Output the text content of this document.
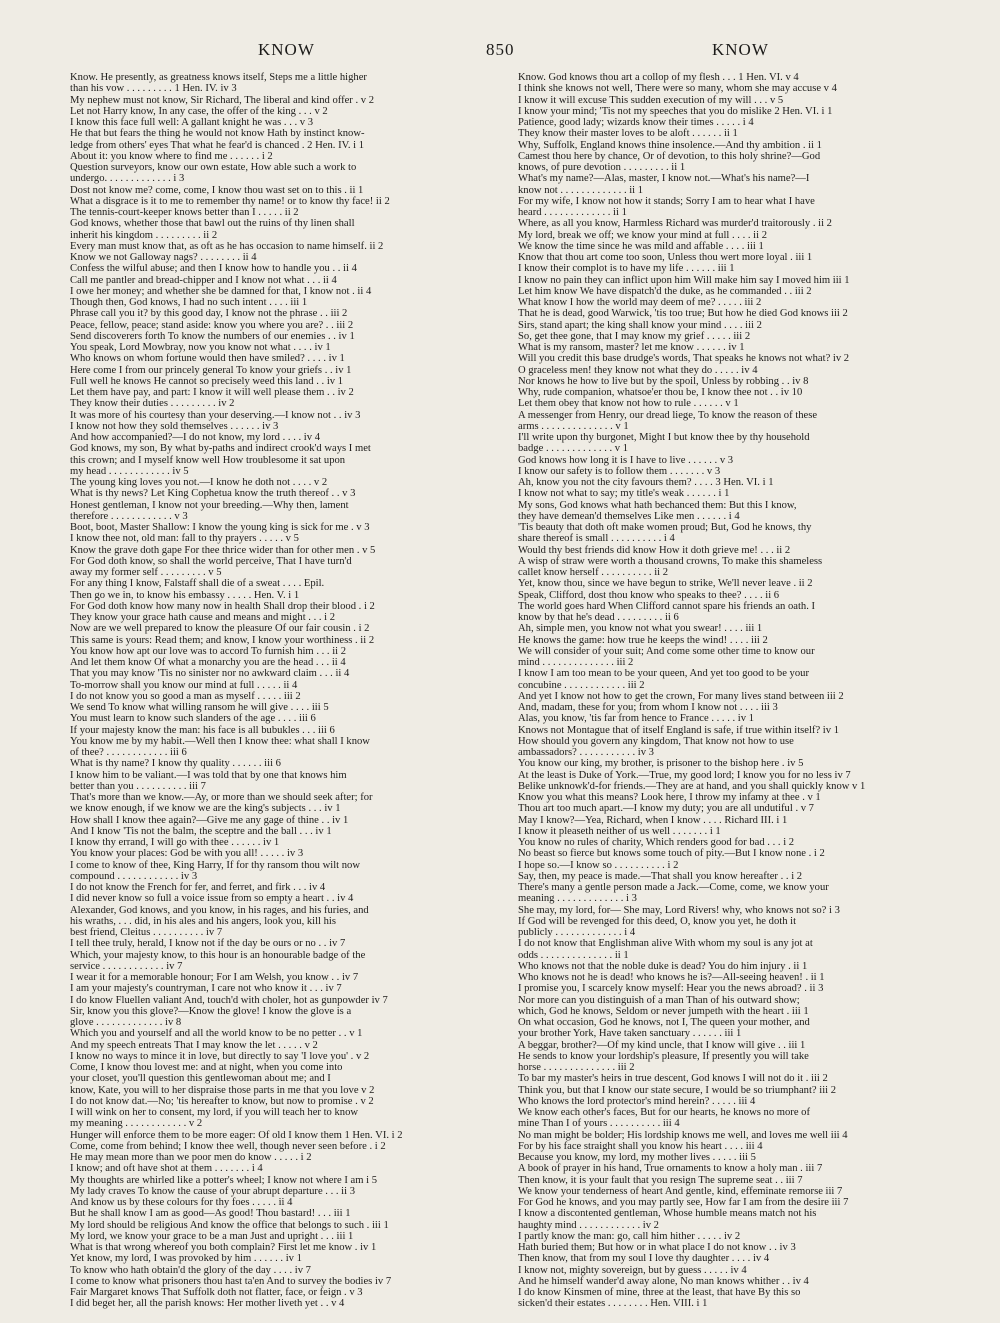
KNOW	850	KNOW
Know. He presently, as greatness knows itself, Steps me a little higher
than his vow . . . . . . . . . 1 Hen. IV. iv 3
My nephew must not know, Sir Richard, The liberal and kind offer . v 2
Let not Harry know, In any case, the offer of the king . . . v 2
I know this face full well: A gallant knight he was . . . v 3
He that but fears the thing he would not know Hath by instinct know-
ledge from others' eyes That what he fear'd is chanced . 2 Hen. IV. i 1
About it: you know where to find me . . . . . . i 2
Question surveyors, know our own estate, How able such a work to
undergo. . . . . . . . . . . . . i 3
Dost not know me? come, come, I know thou wast set on to this . ii 1
What a disgrace is it to me to remember thy name! or to know thy face! ii 2
The tennis-court-keeper knows better than I . . . . . ii 2
God knows, whether those that bawl out the ruins of thy linen shall
inherit his kingdom . . . . . . . . . ii 2
Every man must know that, as oft as he has occasion to name himself. ii 2
Know we not Galloway nags? . . . . . . . . ii 4
Confess the wilful abuse; and then I know how to handle you . . ii 4
Call me pantler and bread-chipper and I know not what . . . ii 4
I owe her money; and whether she be damned for that, I know not . ii 4
Though then, God knows, I had no such intent . . . . iii 1
Phrase call you it? by this good day, I know not the phrase . . iii 2
Peace, fellow, peace; stand aside: know you where you are? . . iii 2
Send discoverers forth To know the numbers of our enemies . . iv 1
You speak, Lord Mowbray, now you know not what . . . . iv 1
Who knows on whom fortune would then have smiled? . . . . iv 1
Here come I from our princely general To know your griefs . . iv 1
Full well he knows He cannot so precisely weed this land . . iv 1
Let them have pay, and part: I know it will well please them . . iv 2
They know their duties . . . . . . . . . iv 2
It was more of his courtesy than your deserving.—I know not . . iv 3
I know not how they sold themselves . . . . . . iv 3
And how accompanied?—I do not know, my lord . . . . iv 4
God knows, my son, By what by-paths and indirect crook'd ways I met
this crown; and I myself know well How troublesome it sat upon
my head . . . . . . . . . . . . iv 5
The young king loves you not.—I know he doth not . . . . v 2
What is thy news? Let King Cophetua know the truth thereof . . v 3
Honest gentleman, I know not your breeding.—Why then, lament
therefore . . . . . . . . . . . . v 3
Boot, boot, Master Shallow: I know the young king is sick for me . v 3
I know thee not, old man: fall to thy prayers . . . . . v 5
Know the grave doth gape For thee thrice wider than for other men . v 5
For God doth know, so shall the world perceive, That I have turn'd
away my former self . . . . . . . . . v 5
For any thing I know, Falstaff shall die of a sweat . . . . Epil.
Then go we in, to know his embassy . . . . . Hen. V. i 1
For God doth know how many now in health Shall drop their blood . i 2
They know your grace hath cause and means and might . . . i 2
Now are we well prepared to know the pleasure Of our fair cousin . i 2
This same is yours: Read them; and know, I know your worthiness . ii 2
You know how apt our love was to accord To furnish him . . . ii 2
And let them know Of what a monarchy you are the head . . . ii 4
That you may know 'Tis no sinister nor no awkward claim . . . ii 4
To-morrow shall you know our mind at full . . . . . ii 4
I do not know you so good a man as myself . . . . . iii 2
We send To know what willing ransom he will give . . . . iii 5
You must learn to know such slanders of the age . . . . iii 6
If your majesty know the man: his face is all bubukles . . . iii 6
You know me by my habit.—Well then I know thee: what shall I know
of thee? . . . . . . . . . . . . iii 6
What is thy name? I know thy quality . . . . . . iii 6
I know him to be valiant.—I was told that by one that knows him
better than you . . . . . . . . . . iii 7
That's more than we know.—Ay, or more than we should seek after; for
we know enough, if we know we are the king's subjects . . . iv 1
How shall I know thee again?—Give me any gage of thine . . iv 1
And I know 'Tis not the balm, the sceptre and the ball . . . iv 1
I know thy errand, I will go with thee . . . . . . iv 1
You know your places: God be with you all! . . . . . iv 3
I come to know of thee, King Harry, If for thy ransom thou wilt now
compound . . . . . . . . . . . . iv 3
I do not know the French for fer, and ferret, and firk . . . iv 4
I did never know so full a voice issue from so empty a heart . . iv 4
Alexander, God knows, and you know, in his rages, and his furies, and
his wraths, . . . did, in his ales and his angers, look you, kill his
best friend, Cleitus . . . . . . . . . . iv 7
I tell thee truly, herald, I know not if the day be ours or no . . iv 7
Which, your majesty know, to this hour is an honourable badge of the
service . . . . . . . . . . . . iv 7
I wear it for a memorable honour; For I am Welsh, you know . . iv 7
I am your majesty's countryman, I care not who know it . . . iv 7
I do know Fluellen valiant And, touch'd with choler, hot as gunpowder iv 7
Sir, know you this glove?—Know the glove! I know the glove is a
glove . . . . . . . . . . . . . iv 8
Which you and yourself and all the world know to be no petter . . v 1
And my speech entreats That I may know the let . . . . . v 2
I know no ways to mince it in love, but directly to say 'I love you' . v 2
Come, I know thou lovest me: and at night, when you come into
your closet, you'll question this gentlewoman about me; and I
know, Kate, you will to her dispraise those parts in me that you love v 2
I do not know dat.—No; 'tis hereafter to know, but now to promise . v 2
I will wink on her to consent, my lord, if you will teach her to know
my meaning . . . . . . . . . . . . v 2
Hunger will enforce them to be more eager: Of old I know them 1 Hen. VI. i 2
Come, come from behind; I know thee well, though never seen before . i 2
He may mean more than we poor men do know . . . . . i 2
I know; and oft have shot at them . . . . . . . i 4
My thoughts are whirled like a potter's wheel; I know not where I am i 5
My lady craves To know the cause of your abrupt departure . . . ii 3
And know us by these colours for thy foes . . . . . ii 4
But he shall know I am as good—As good! Thou bastard! . . . iii 1
My lord should be religious And know the office that belongs to such . iii 1
My lord, we know your grace to be a man Just and upright . . . iii 1
What is that wrong whereof you both complain? First let me know . iv 1
Yet know, my lord, I was provoked by him . . . . . . iv 1
To know who hath obtain'd the glory of the day . . . . iv 7
I come to know what prisoners thou hast ta'en And to survey the bodies iv 7
Fair Margaret knows That Suffolk doth not flatter, face, or feign . v 3
I did beget her, all the parish knows: Her mother liveth yet . . v 4
Know. God knows thou art a collop of my flesh . . . 1 Hen. VI. v 4
I think she knows not well, There were so many, whom she may accuse v 4
I know it will excuse This sudden execution of my will . . . v 5
I know your mind; 'Tis not my speeches that you do mislike 2 Hen. VI. i 1
Patience, good lady; wizards know their times . . . . . i 4
They know their master loves to be aloft . . . . . . ii 1
Why, Suffolk, England knows thine insolence.—And thy ambition . ii 1
Camest thou here by chance, Or of devotion, to this holy shrine?—God
knows, of pure devotion . . . . . . . . . ii 1
What's my name?—Alas, master, I know not.—What's his name?—I
know not . . . . . . . . . . . . . ii 1
For my wife, I know not how it stands; Sorry I am to hear what I have
heard . . . . . . . . . . . . . ii 1
Where, as all you know, Harmless Richard was murder'd traitorously . ii 2
My lord, break we off; we know your mind at full . . . . ii 2
We know the time since he was mild and affable . . . . iii 1
Know that thou art come too soon, Unless thou wert more loyal . iii 1
I know their complot is to have my life . . . . . . iii 1
I know no pain they can inflict upon him Will make him say I moved him iii 1
Let him know We have dispatch'd the duke, as he commanded . . iii 2
What know I how the world may deem of me? . . . . . iii 2
That he is dead, good Warwick, 'tis too true; But how he died God knows iii 2
Sirs, stand apart; the king shall know your mind . . . . iii 2
So, get thee gone, that I may know my grief . . . . . iii 2
What is my ransom, master? let me know . . . . . . iv 1
Will you credit this base drudge's words, That speaks he knows not what? iv 2
O graceless men! they know not what they do . . . . . iv 4
Nor knows he how to live but by the spoil, Unless by robbing . . iv 8
Why, rude companion, whatsoe'er thou be, I know thee not . . iv 10
Let them obey that know not how to rule . . . . . . v 1
A messenger from Henry, our dread liege, To know the reason of these
arms . . . . . . . . . . . . . . v 1
I'll write upon thy burgonet, Might I but know thee by thy household
badge . . . . . . . . . . . . . v 1
God knows how long it is I have to live . . . . . . v 3
I know our safety is to follow them . . . . . . . v 3
Ah, know you not the city favours them? . . . . 3 Hen. VI. i 1
I know not what to say; my title's weak . . . . . . i 1
My sons, God knows what hath bechanced them: But this I know,
they have demean'd themselves Like men . . . . . . i 4
'Tis beauty that doth oft make women proud; But, God he knows, thy
share thereof is small . . . . . . . . . . i 4
Would thy best friends did know How it doth grieve me! . . . ii 2
A wisp of straw were worth a thousand crowns, To make this shameless
callet know herself . . . . . . . . . . ii 2
Yet, know thou, since we have begun to strike, We'll never leave . ii 2
Speak, Clifford, dost thou know who speaks to thee? . . . . ii 6
The world goes hard When Clifford cannot spare his friends an oath. I
know by that he's dead . . . . . . . . . ii 6
Ah, simple men, you know not what you swear! . . . . iii 1
He knows the game: how true he keeps the wind! . . . . iii 2
We will consider of your suit; And come some other time to know our
mind . . . . . . . . . . . . . . iii 2
I know I am too mean to be your queen, And yet too good to be your
concubine . . . . . . . . . . . . iii 2
And yet I know not how to get the crown, For many lives stand between iii 2
And, madam, these for you; from whom I know not . . . . iii 3
Alas, you know, 'tis far from hence to France . . . . . iv 1
Knows not Montague that of itself England is safe, if true within itself? iv 1
How should you govern any kingdom, That know not how to use
ambassadors? . . . . . . . . . . . iv 3
You know our king, my brother, is prisoner to the bishop here . iv 5
At the least is Duke of York.—True, my good lord; I know you for no less iv 7
Belike unknowk'd-for friends.—They are at hand, and you shall quickly know v 1
Know you what this means? Look here, I throw my infamy at thee . v 1
Thou art too much apart.—I know my duty; you are all undutiful . v 7
May I know?—Yea, Richard, when I know . . . . Richard III. i 1
I know it pleaseth neither of us well . . . . . . . i 1
You know no rules of charity, Which renders good for bad . . . i 2
No beast so fierce but knows some touch of pity.—But I know none . i 2
I hope so.—I know so . . . . . . . . . . i 2
Say, then, my peace is made.—That shall you know hereafter . . i 2
There's many a gentle person made a Jack.—Come, come, we know your
meaning . . . . . . . . . . . . . i 3
She may, my lord, for— She may, Lord Rivers! why, who knows not so? i 3
If God will be revenged for this deed, O, know you yet, he doth it
publicly . . . . . . . . . . . . . i 4
I do not know that Englishman alive With whom my soul is any jot at
odds . . . . . . . . . . . . . . ii 1
Who knows not that the noble duke is dead? You do him injury . ii 1
Who knows not he is dead! who knows he is?—All-seeing heaven! . ii 1
I promise you, I scarcely know myself: Hear you the news abroad? . ii 3
Nor more can you distinguish of a man Than of his outward show;
which, God he knows, Seldom or never jumpeth with the heart . iii 1
On what occasion, God he knows, not I, The queen your mother, and
your brother York, Have taken sanctuary . . . . . . iii 1
A beggar, brother?—Of my kind uncle, that I know will give . . iii 1
He sends to know your lordship's pleasure, If presently you will take
horse . . . . . . . . . . . . . . iii 2
To bar my master's heirs in true descent, God knows I will not do it . iii 2
Think you, but that I know our state secure, I would be so triumphant? iii 2
Who knows the lord protector's mind herein? . . . . . iii 4
We know each other's faces, But for our hearts, he knows no more of
mine Than I of yours . . . . . . . . . . iii 4
No man might be bolder; His lordship knows me well, and loves me well iii 4
For by his face straight shall you know his heart . . . . iii 4
Because you know, my lord, my mother lives . . . . . iii 5
A book of prayer in his hand, True ornaments to know a holy man . iii 7
Then know, it is your fault that you resign The supreme seat . . iii 7
We know your tenderness of heart And gentle, kind, effeminate remorse iii 7
For God he knows, and you may partly see, How far I am from the desire iii 7
I know a discontented gentleman, Whose humble means match not his
haughty mind . . . . . . . . . . . . iv 2
I partly know the man: go, call him hither . . . . . iv 2
Hath buried them; But how or in what place I do not know . . iv 3
Then know, that from my soul I love thy daughter . . . . iv 4
I know not, mighty sovereign, but by guess . . . . . iv 4
And he himself wander'd away alone, No man knows whither . . iv 4
I do know Kinsmen of mine, three at the least, that have By this so
sicken'd their estates . . . . . . . . Hen. VIII. i 1
